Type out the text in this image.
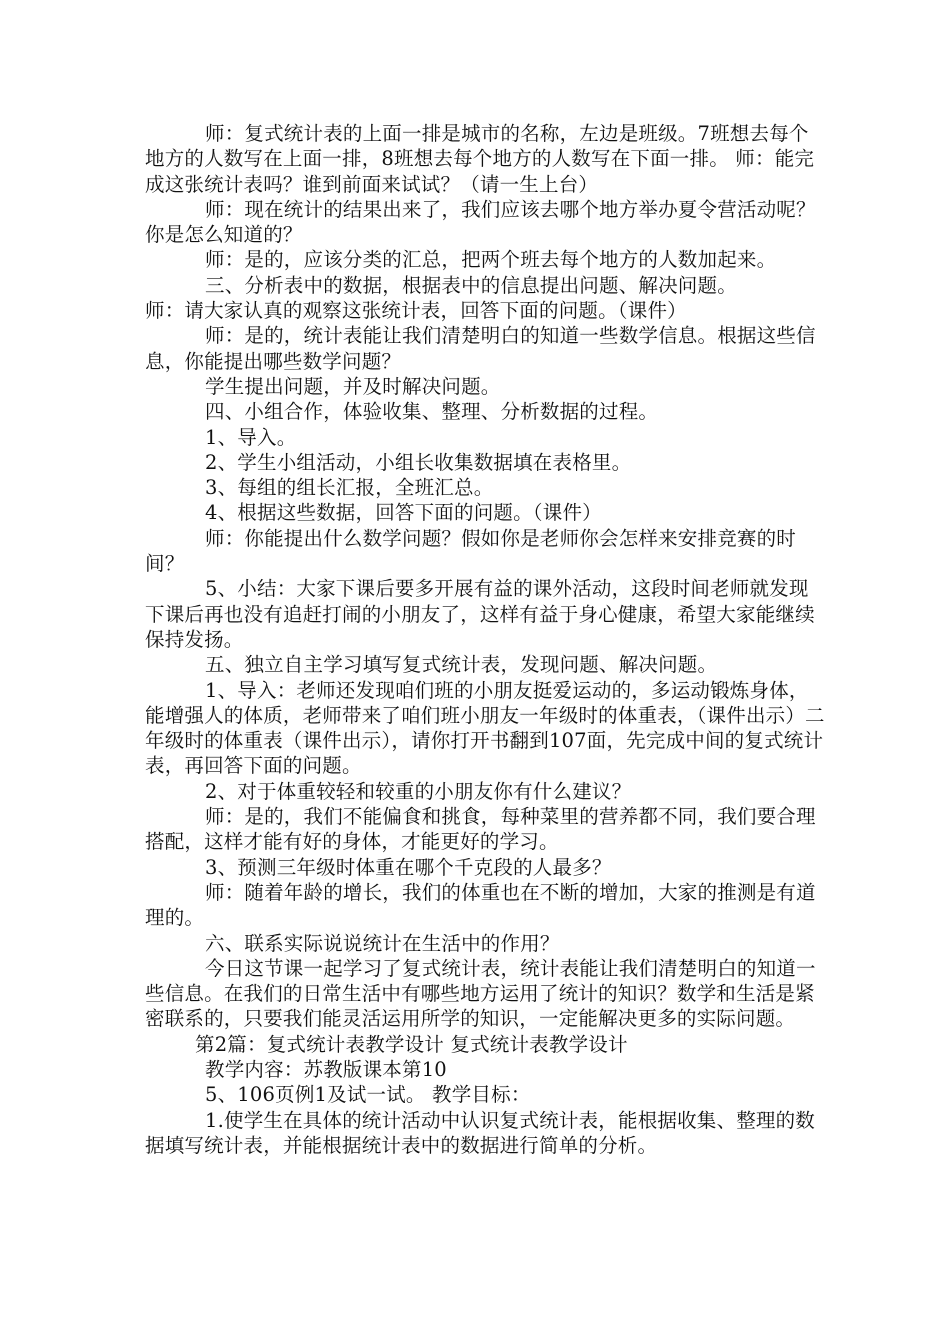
师：复式统计表的上面一排是城市的名称，左边是班级。7班想去每个地方的人数写在上面一排，8班想去每个地方的人数写在下面一排。 师：能完成这张统计表吗？谁到前面来试试？（请一生上台）

师：现在统计的结果出来了，我们应该去哪个地方举办夏令营活动呢？你是怎么知道的？

师：是的，应该分类的汇总，把两个班去每个地方的人数加起来。

三、分析表中的数据，根据表中的信息提出问题、解决问题。

师：请大家认真的观察这张统计表，回答下面的问题。（课件）

师：是的，统计表能让我们清楚明白的知道一些数学信息。根据这些信息，你能提出哪些数学问题？

学生提出问题，并及时解决问题。

四、小组合作，体验收集、整理、分析数据的过程。

1、导入。

2、学生小组活动，小组长收集数据填在表格里。

3、每组的组长汇报，全班汇总。

4、根据这些数据，回答下面的问题。（课件）

师：你能提出什么数学问题？假如你是老师你会怎样来安排竞赛的时间？

5、小结：大家下课后要多开展有益的课外活动，这段时间老师就发现下课后再也没有追赶打闹的小朋友了，这样有益于身心健康，希望大家能继续保持发扬。

五、独立自主学习填写复式统计表，发现问题、解决问题。

1、导入：老师还发现咱们班的小朋友挺爱运动的，多运动锻炼身体，能增强人的体质，老师带来了咱们班小朋友一年级时的体重表，（课件出示）二年级时的体重表（课件出示），请你打开书翻到107面，先完成中间的复式统计表，再回答下面的问题。

2、对于体重较轻和较重的小朋友你有什么建议？

师：是的，我们不能偏食和挑食，每种菜里的营养都不同，我们要合理搭配，这样才能有好的身体，才能更好的学习。

3、预测三年级时体重在哪个千克段的人最多？

师：随着年龄的增长，我们的体重也在不断的增加，大家的推测是有道理的。

六、联系实际说说统计在生活中的作用？

今日这节课一起学习了复式统计表，统计表能让我们清楚明白的知道一些信息。在我们的日常生活中有哪些地方运用了统计的知识？数学和生活是紧密联系的，只要我们能灵活运用所学的知识，一定能解决更多的实际问题。

第2篇：复式统计表教学设计 复式统计表教学设计

教学内容：苏教版课本第10

5、106页例1及试一试。 教学目标：

1.使学生在具体的统计活动中认识复式统计表，能根据收集、整理的数据填写统计表，并能根据统计表中的数据进行简单的分析。
